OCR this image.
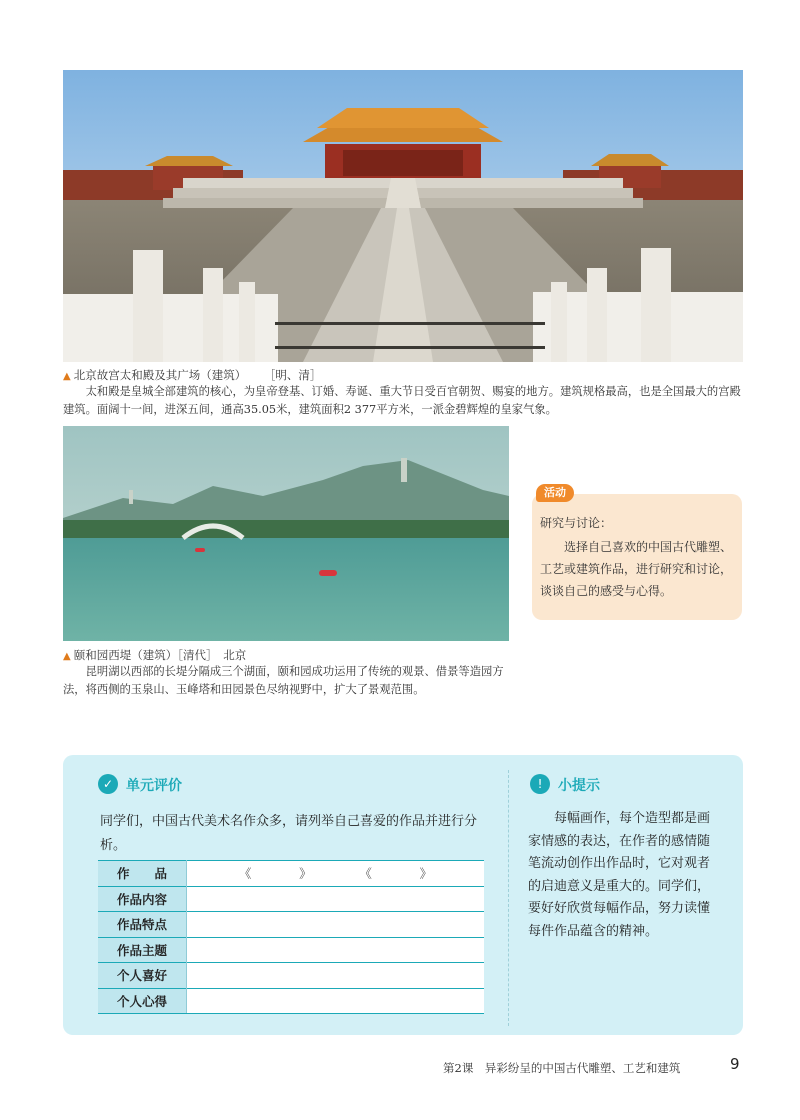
▲ 北京故宫太和殿及其广场（建筑） ［明、清］
太和殿是皇城全部建筑的核心，为皇帝登基、订婚、寿诞、重大节日受百官朝贺、赐宴的地方。建筑规格最高，也是全国最大的宫殿建筑。面阔十一间，进深五间，通高35.05米，建筑面积2 377平方米，一派金碧辉煌的皇家气象。
▲ 颐和园西堤（建筑）［清代］　北京
昆明湖以西部的长堤分隔成三个湖面，颐和园成功运用了传统的观景、借景等造园方法，将西侧的玉泉山、玉峰塔和田园景色尽纳视野中，扩大了景观范围。
活动
研究与讨论：
选择自己喜欢的中国古代雕塑、工艺或建筑作品，进行研究和讨论，谈谈自己的感受与心得。
✓ 单元评价
同学们，中国古代美术名作众多，请列举自己喜爱的作品并进行分析。
作　　品	《 》 《 》

作品内容	
作品特点	
作品主题	
个人喜好	
个人心得	
!	小提示
每幅画作，每个造型都是画家情感的表达，在作者的感情随笔流动创作出作品时，它对观者的启迪意义是重大的。同学们，要好好欣赏每幅作品，努力读懂每件作品蕴含的精神。
第2课　异彩纷呈的中国古代雕塑、工艺和建筑	9
